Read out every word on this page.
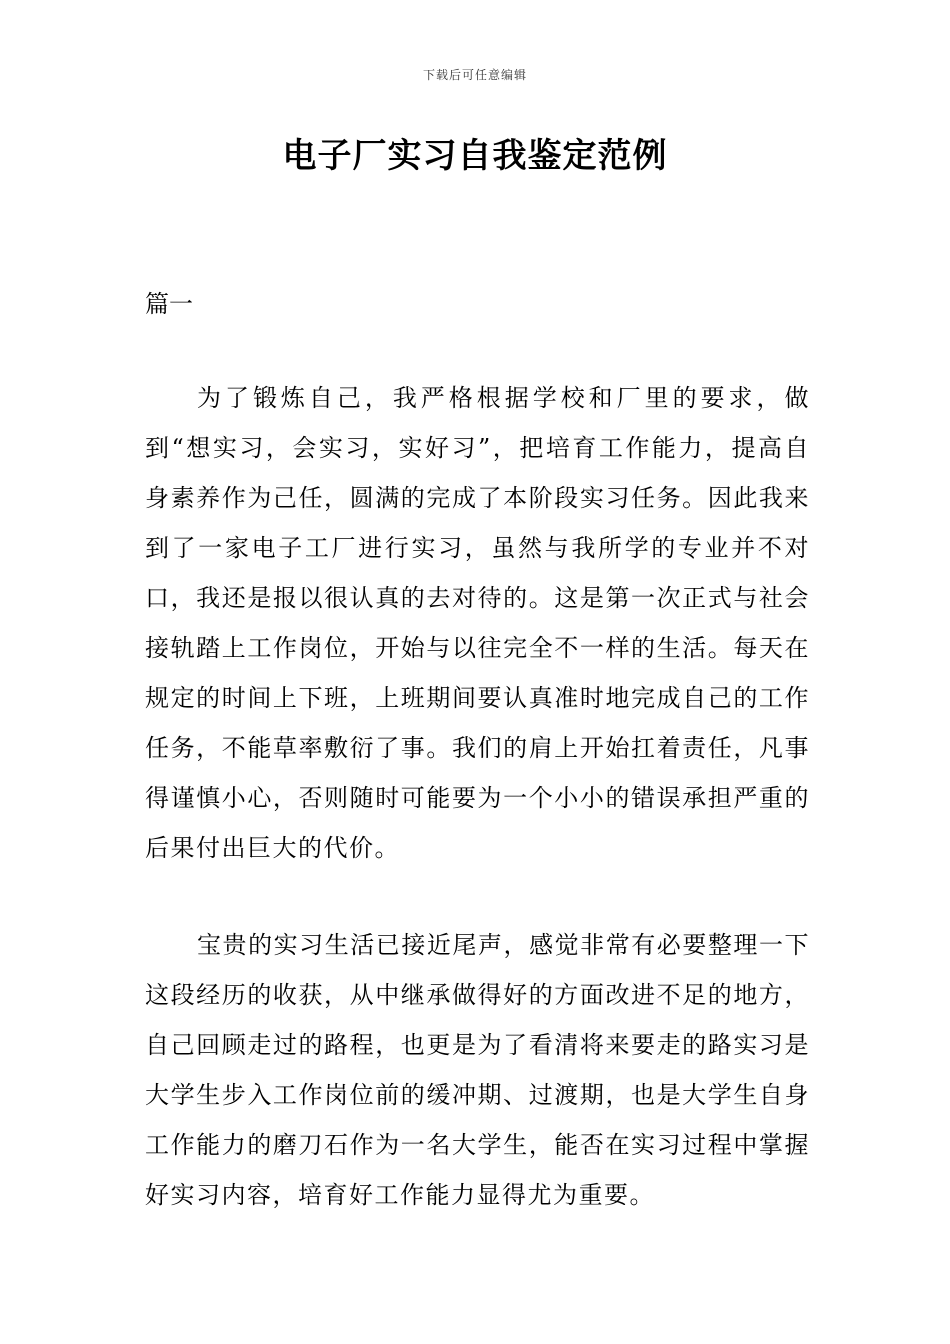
下载后可任意编辑
电子厂实习自我鉴定范例
篇一

为了锻炼自己，我严格根据学校和厂里的要求，做到“想实习，会实习，实好习”，把培育工作能力，提高自身素养作为己任，圆满的完成了本阶段实习任务。因此我来到了一家电子工厂进行实习，虽然与我所学的专业并不对口，我还是报以很认真的去对待的。这是第一次正式与社会接轨踏上工作岗位，开始与以往完全不一样的生活。每天在规定的时间上下班，上班期间要认真准时地完成自己的工作任务，不能草率敷衍了事。我们的肩上开始扛着责任，凡事得谨慎小心，否则随时可能要为一个小小的错误承担严重的后果付出巨大的代价。

宝贵的实习生活已接近尾声，感觉非常有必要整理一下这段经历的收获，从中继承做得好的方面改进不足的地方，自己回顾走过的路程，也更是为了看清将来要走的路实习是大学生步入工作岗位前的缓冲期、过渡期，也是大学生自身工作能力的磨刀石作为一名大学生，能否在实习过程中掌握好实习内容，培育好工作能力显得尤为重要。
